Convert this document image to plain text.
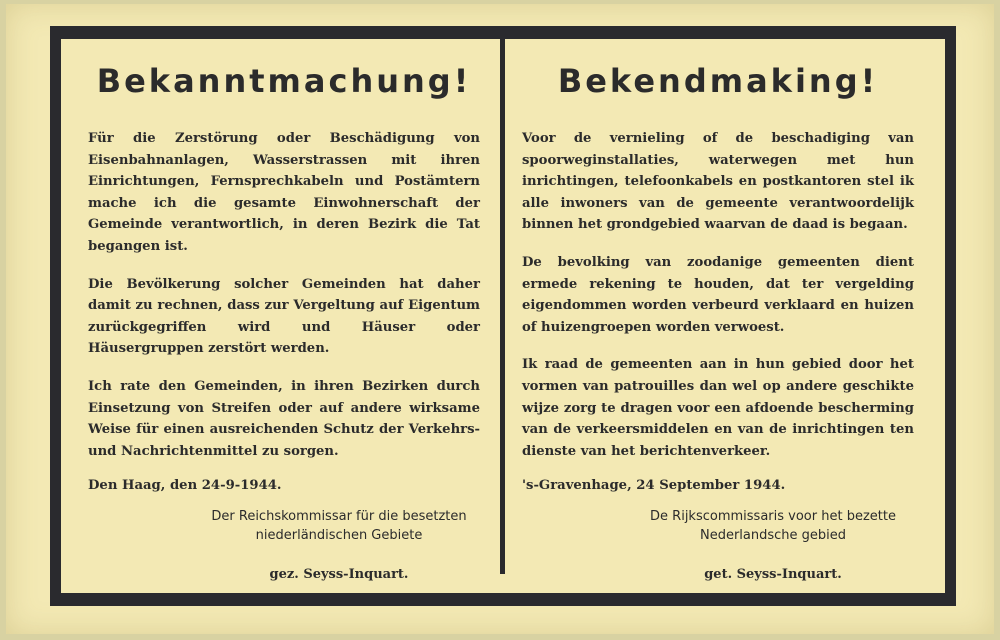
Bekanntmachung!

Für die Zerstörung oder Beschädigung von Eisenbahnanlagen, Wasserstrassen mit ihren Einrichtungen, Fernsprechkabeln und Postämtern mache ich die gesamte Einwohnerschaft der Gemeinde verantwortlich, in deren Bezirk die Tat begangen ist.

Die Bevölkerung solcher Gemeinden hat daher damit zu rechnen, dass zur Vergeltung auf Eigentum zurückgegriffen wird und Häuser oder Häusergruppen zerstört werden.

Ich rate den Gemeinden, in ihren Bezirken durch Einsetzung von Streifen oder auf andere wirksame Weise für einen ausreichenden Schutz der Verkehrs- und Nachrichtenmittel zu sorgen.

Den Haag, den 24-9-1944.
Der Reichskommissar für die besetzten
niederländischen Gebiete
gez. Seyss-Inquart.
Bekendmaking!

Voor de vernieling of de beschadiging van spoorweginstallaties, waterwegen met hun inrichtingen, telefoonkabels en postkantoren stel ik alle inwoners van de gemeente verantwoordelijk binnen het grondgebied waarvan de daad is begaan.

De bevolking van zoodanige gemeenten dient ermede rekening te houden, dat ter vergelding eigendommen worden verbeurd verklaard en huizen of huizengroepen worden verwoest.

Ik raad de gemeenten aan in hun gebied door het vormen van patrouilles dan wel op andere geschikte wijze zorg te dragen voor een afdoende bescherming van de verkeersmiddelen en van de inrichtingen ten dienste van het berichtenverkeer.

's-Gravenhage, 24 September 1944.
De Rijkscommissaris voor het bezette
Nederlandsche gebied
get. Seyss-Inquart.
